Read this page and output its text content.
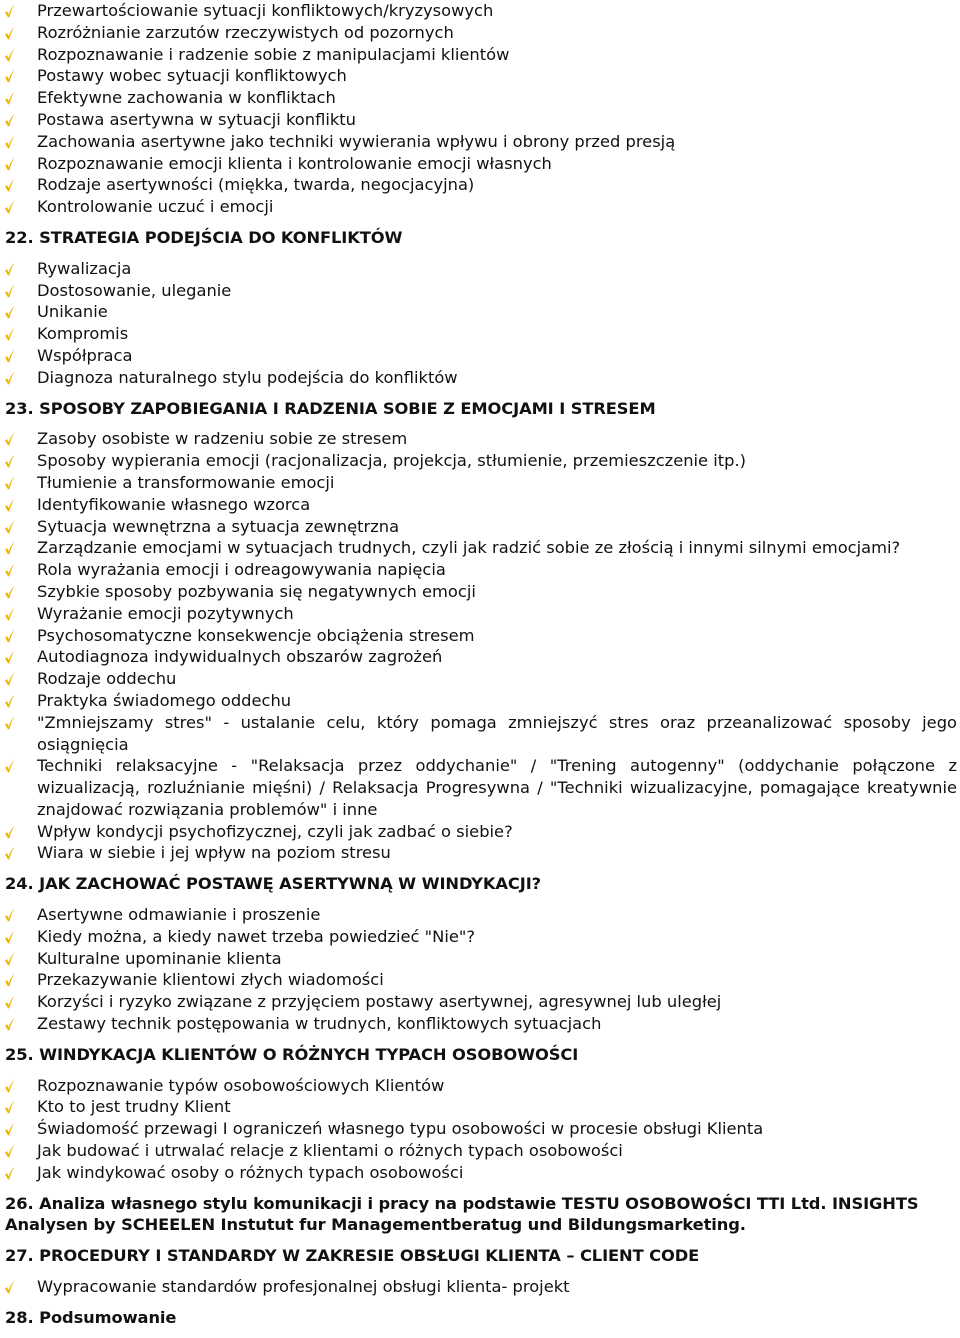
Przewartościowanie sytuacji konfliktowych/kryzysowych
Rozróżnianie zarzutów rzeczywistych od pozornych
Rozpoznawanie i radzenie sobie z manipulacjami klientów
Postawy wobec sytuacji konfliktowych
Efektywne zachowania w konfliktach
Postawa asertywna w sytuacji konfliktu
Zachowania asertywne jako techniki wywierania wpływu i obrony przed presją
Rozpoznawanie emocji klienta i kontrolowanie emocji własnych
Rodzaje asertywności (miękka, twarda, negocjacyjna)
Kontrolowanie uczuć i emocji
22. STRATEGIA PODEJŚCIA DO KONFLIKTÓW
Rywalizacja
Dostosowanie, uleganie
Unikanie
Kompromis
Współpraca
Diagnoza naturalnego stylu podejścia do konfliktów
23. SPOSOBY ZAPOBIEGANIA I RADZENIA SOBIE Z EMOCJAMI I STRESEM
Zasoby osobiste w radzeniu sobie ze stresem
Sposoby wypierania emocji (racjonalizacja, projekcja, stłumienie, przemieszczenie itp.)
Tłumienie a transformowanie emocji
Identyfikowanie własnego wzorca
Sytuacja wewnętrzna a sytuacja zewnętrzna
Zarządzanie emocjami w sytuacjach trudnych, czyli jak radzić sobie ze złością i innymi silnymi emocjami?
Rola wyrażania emocji i odreagowywania napięcia
Szybkie sposoby pozbywania się negatywnych emocji
Wyrażanie emocji pozytywnych
Psychosomatyczne konsekwencje obciążenia stresem
Autodiagnoza indywidualnych obszarów zagrożeń
Rodzaje oddechu
Praktyka świadomego oddechu
"Zmniejszamy stres" - ustalanie celu, który pomaga zmniejszyć stres oraz przeanalizować sposoby jego osiągnięcia
Techniki relaksacyjne - "Relaksacja przez oddychanie" / "Trening autogenny" (oddychanie połączone z wizualizacją, rozluźnianie mięśni) / Relaksacja Progresywna / "Techniki wizualizacyjne, pomagające kreatywnie znajdować rozwiązania problemów" i inne
Wpływ kondycji psychofizycznej, czyli jak zadbać o siebie?
Wiara w siebie i jej wpływ na poziom stresu
24. JAK ZACHOWAĆ POSTAWĘ ASERTYWNĄ W WINDYKACJI?
Asertywne odmawianie i proszenie
Kiedy można, a kiedy nawet trzeba powiedzieć "Nie"?
Kulturalne upominanie klienta
Przekazywanie klientowi złych wiadomości
Korzyści i ryzyko związane z przyjęciem postawy asertywnej, agresywnej lub uległej
Zestawy technik postępowania w trudnych, konfliktowych sytuacjach
25. WINDYKACJA KLIENTÓW O RÓŻNYCH TYPACH OSOBOWOŚCI
Rozpoznawanie typów osobowościowych Klientów
Kto to jest trudny Klient
Świadomość przewagi I ograniczeń własnego typu osobowości w procesie obsługi Klienta
Jak budować i utrwalać relacje z klientami o różnych typach osobowości
Jak windykować osoby o różnych typach osobowości
26. Analiza własnego stylu komunikacji i pracy na podstawie TESTU OSOBOWOŚCI TTI Ltd. INSIGHTS Analysen by SCHEELEN Instutut fur Managementberatug und Bildungsmarketing.
27. PROCEDURY I STANDARDY W ZAKRESIE OBSŁUGI KLIENTA – CLIENT CODE
Wypracowanie standardów profesjonalnej obsługi klienta- projekt
28. Podsumowanie
